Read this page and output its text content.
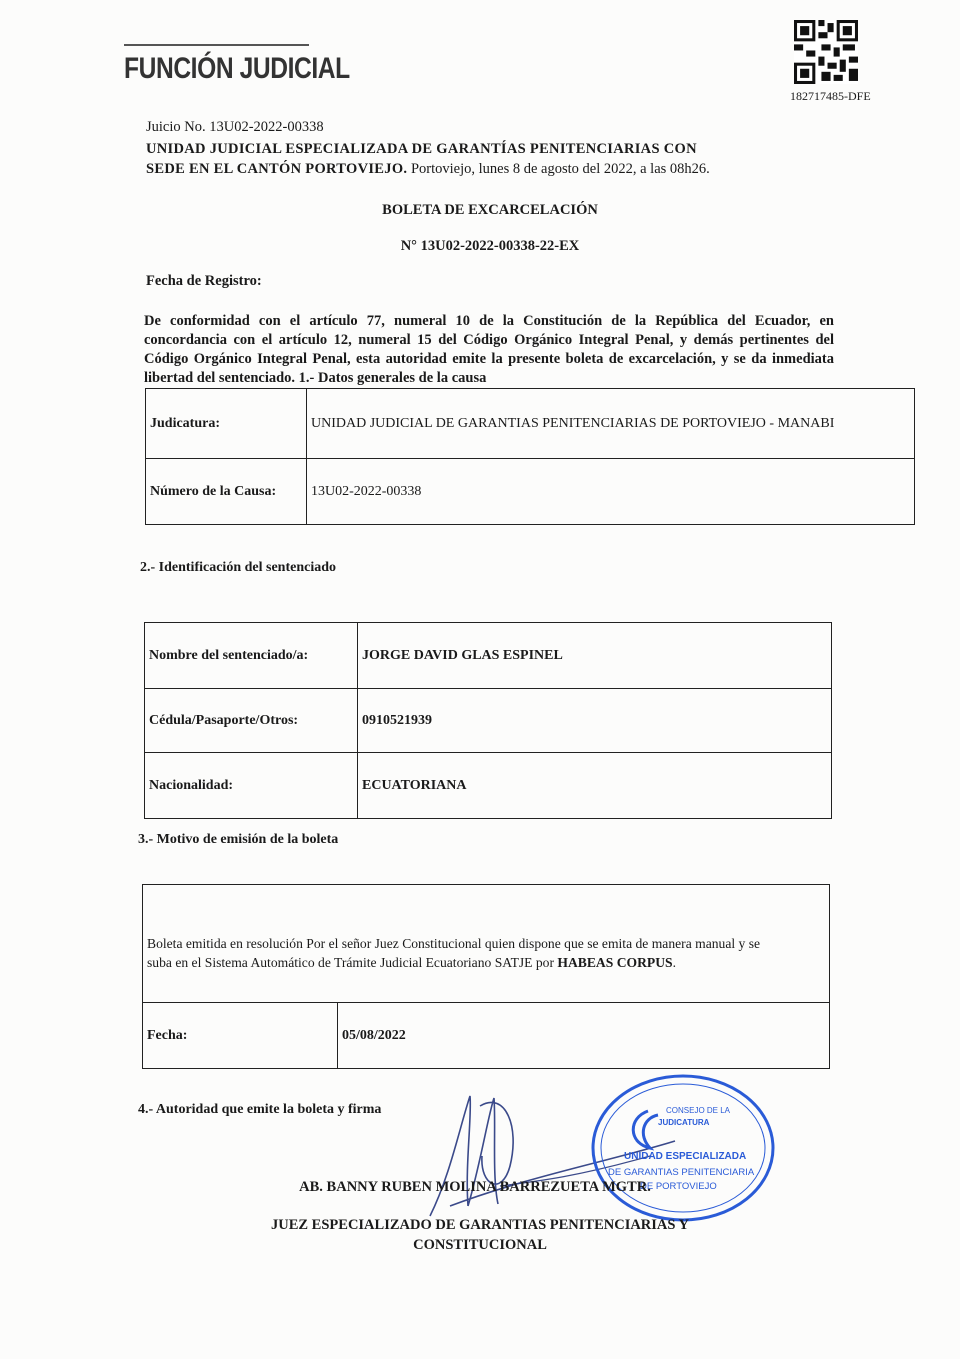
FUNCIÓN JUDICIAL
182717485-DFE
Juicio No. 13U02-2022-00338
UNIDAD JUDICIAL ESPECIALIZADA DE GARANTÍAS PENITENCIARIAS CON
SEDE EN EL CANTÓN PORTOVIEJO. Portoviejo, lunes 8 de agosto del 2022, a las 08h26.
BOLETA DE EXCARCELACIÓN
N° 13U02-2022-00338-22-EX
Fecha de Registro:
De conformidad con el artículo 77, numeral 10 de la Constitución de la República del Ecuador, en
concordancia con el artículo 12, numeral 15 del Código Orgánico Integral Penal, y demás pertinentes del
Código Orgánico Integral Penal, esta autoridad emite la presente boleta de excarcelación, y se da inmediata
libertad del sentenciado. 1.- Datos generales de la causa
Judicatura:	UNIDAD JUDICIAL DE GARANTIAS PENITENCIARIAS DE PORTOVIEJO - MANABI
Número de la Causa:	13U02-2022-00338
2.- Identificación del sentenciado
Nombre del sentenciado/a:	JORGE DAVID GLAS ESPINEL
Cédula/Pasaporte/Otros:	0910521939
Nacionalidad:	ECUATORIANA
3.- Motivo de emisión de la boleta
Boleta emitida en resolución Por el señor Juez Constitucional quien dispone que se emita de manera manual y se
suba en el Sistema Automático de Trámite Judicial Ecuatoriano SATJE por HABEAS CORPUS.

Fecha:	05/08/2022
4.- Autoridad que emite la boleta y firma	CONSEJO DE LA
JUDICATURA
UNIDAD ESPECIALIZADA
DE GARANTIAS PENITENCIARIA
DE PORTOVIEJO
AB. BANNY RUBEN MOLINA BARREZUETA MGTR.
JUEZ ESPECIALIZADO DE GARANTIAS PENITENCIARIAS Y
CONSTITUCIONAL
